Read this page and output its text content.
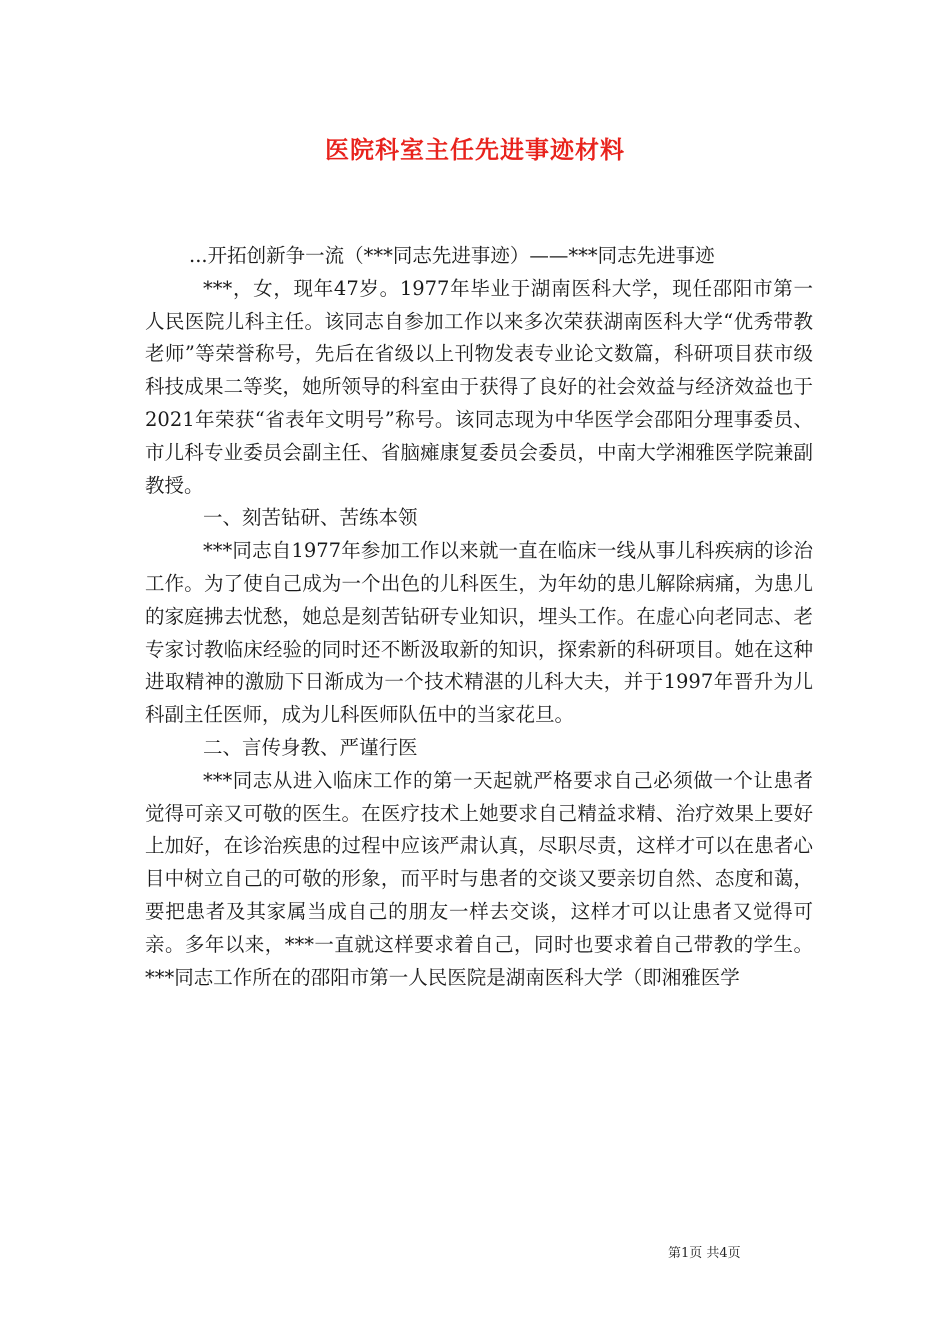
医院科室主任先进事迹材料

...开拓创新争一流（***同志先进事迹）——***同志先进事迹

***，女，现年47岁。1977年毕业于湖南医科大学，现任邵阳市第一人民医院儿科主任。该同志自参加工作以来多次荣获湖南医科大学“优秀带教老师”等荣誉称号，先后在省级以上刊物发表专业论文数篇，科研项目获市级科技成果二等奖，她所领导的科室由于获得了良好的社会效益与经济效益也于2021年荣获“省表年文明号”称号。该同志现为中华医学会邵阳分理事委员、市儿科专业委员会副主任、省脑瘫康复委员会委员，中南大学湘雅医学院兼副教授。

一、刻苦钻研、苦练本领

***同志自1977年参加工作以来就一直在临床一线从事儿科疾病的诊治工作。为了使自己成为一个出色的儿科医生，为年幼的患儿解除病痛，为患儿的家庭拂去忧愁，她总是刻苦钻研专业知识，埋头工作。在虚心向老同志、老专家讨教临床经验的同时还不断汲取新的知识，探索新的科研项目。她在这种进取精神的激励下日渐成为一个技术精湛的儿科大夫，并于1997年晋升为儿科副主任医师，成为儿科医师队伍中的当家花旦。

二、言传身教、严谨行医

***同志从进入临床工作的第一天起就严格要求自己必须做一个让患者觉得可亲又可敬的医生。在医疗技术上她要求自己精益求精、治疗效果上要好上加好，在诊治疾患的过程中应该严肃认真，尽职尽责，这样才可以在患者心目中树立自己的可敬的形象，而平时与患者的交谈又要亲切自然、态度和蔼，要把患者及其家属当成自己的朋友一样去交谈，这样才可以让患者又觉得可亲。多年以来，***一直就这样要求着自己，同时也要求着自己带教的学生。***同志工作所在的邵阳市第一人民医院是湖南医科大学（即湘雅医学

第1页 共4页
